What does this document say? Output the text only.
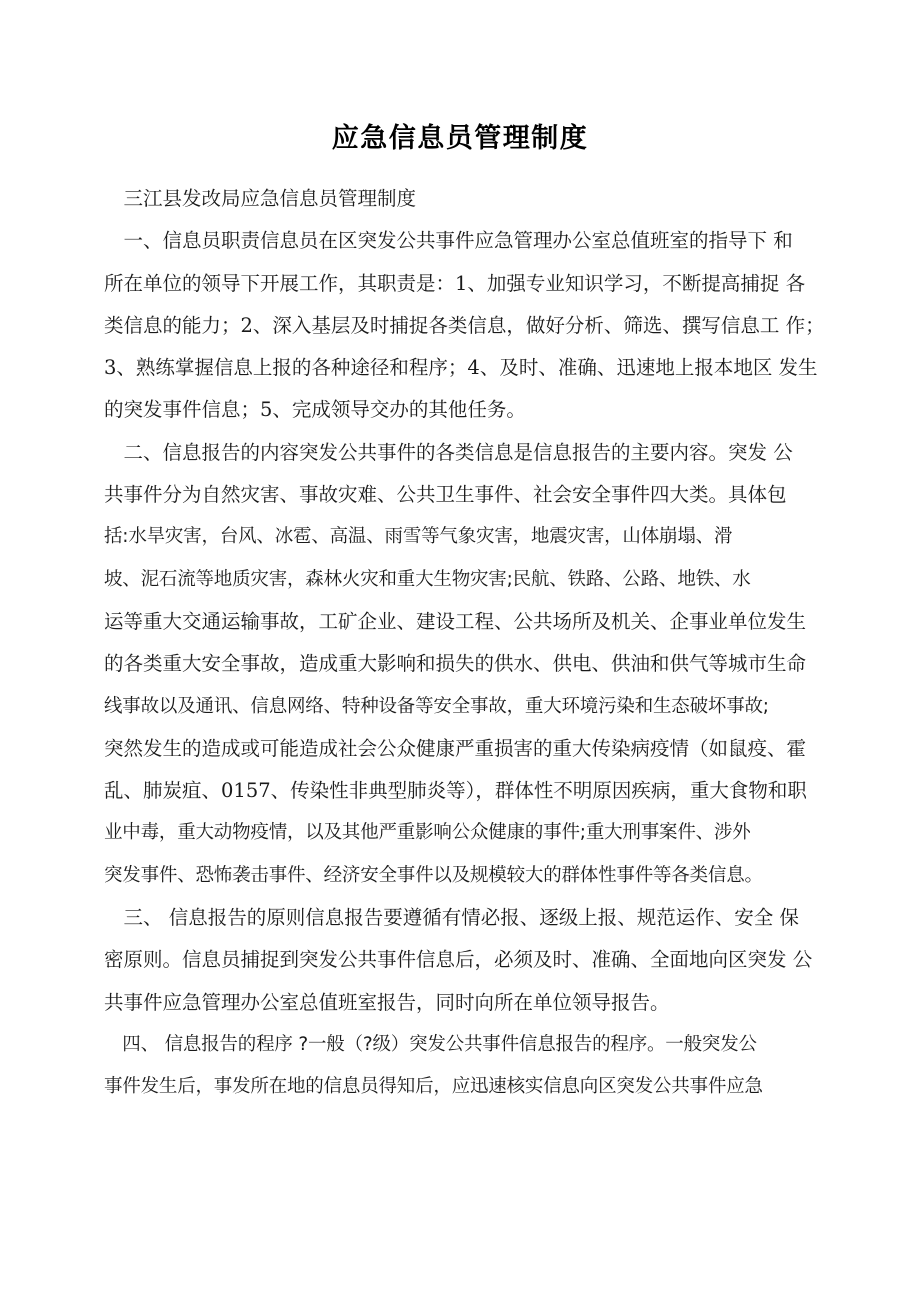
应急信息员管理制度
　三江县发改局应急信息员管理制度
　一、信息员职责信息员在区突发公共事件应急管理办公室总值班室的指导下 和
所在单位的领导下开展工作，其职责是：1、加强专业知识学习，不断提高捕捉 各
类信息的能力；2、深入基层及时捕捉各类信息，做好分析、筛选、撰写信息工 作；
3、熟练掌握信息上报的各种途径和程序；4、及时、准确、迅速地上报本地区 发生
的突发事件信息；5、完成领导交办的其他任务。
　二、信息报告的内容突发公共事件的各类信息是信息报告的主要内容。突发 公
共事件分为自然灾害、事故灾难、公共卫生事件、社会安全事件四大类。具体包
括:水旱灾害，台风、冰雹、高温、雨雪等气象灾害，地震灾害，山体崩塌、滑
坡、泥石流等地质灾害，森林火灾和重大生物灾害;民航、铁路、公路、地铁、水
运等重大交通运输事故，工矿企业、建设工程、公共场所及机关、企事业单位发生
的各类重大安全事故，造成重大影响和损失的供水、供电、供油和供气等城市生命
线事故以及通讯、信息网络、特种设备等安全事故，重大环境污染和生态破坏事故;
突然发生的造成或可能造成社会公众健康严重损害的重大传染病疫情（如鼠疫、霍
乱、肺炭疽、0157、传染性非典型肺炎等），群体性不明原因疾病，重大食物和职
业中毒，重大动物疫情，以及其他严重影响公众健康的事件;重大刑事案件、涉外
突发事件、恐怖袭击事件、经济安全事件以及规模较大的群体性事件等各类信息。
　三、 信息报告的原则信息报告要遵循有情必报、逐级上报、规范运作、安全 保
密原则。信息员捕捉到突发公共事件信息后，必须及时、准确、全面地向区突发 公
共事件应急管理办公室总值班室报告，同时向所在单位领导报告。
　四、 信息报告的程序 ?一般（?级）突发公共事件信息报告的程序。一般突发公
事件发生后，事发所在地的信息员得知后，应迅速核实信息向区突发公共事件应急
